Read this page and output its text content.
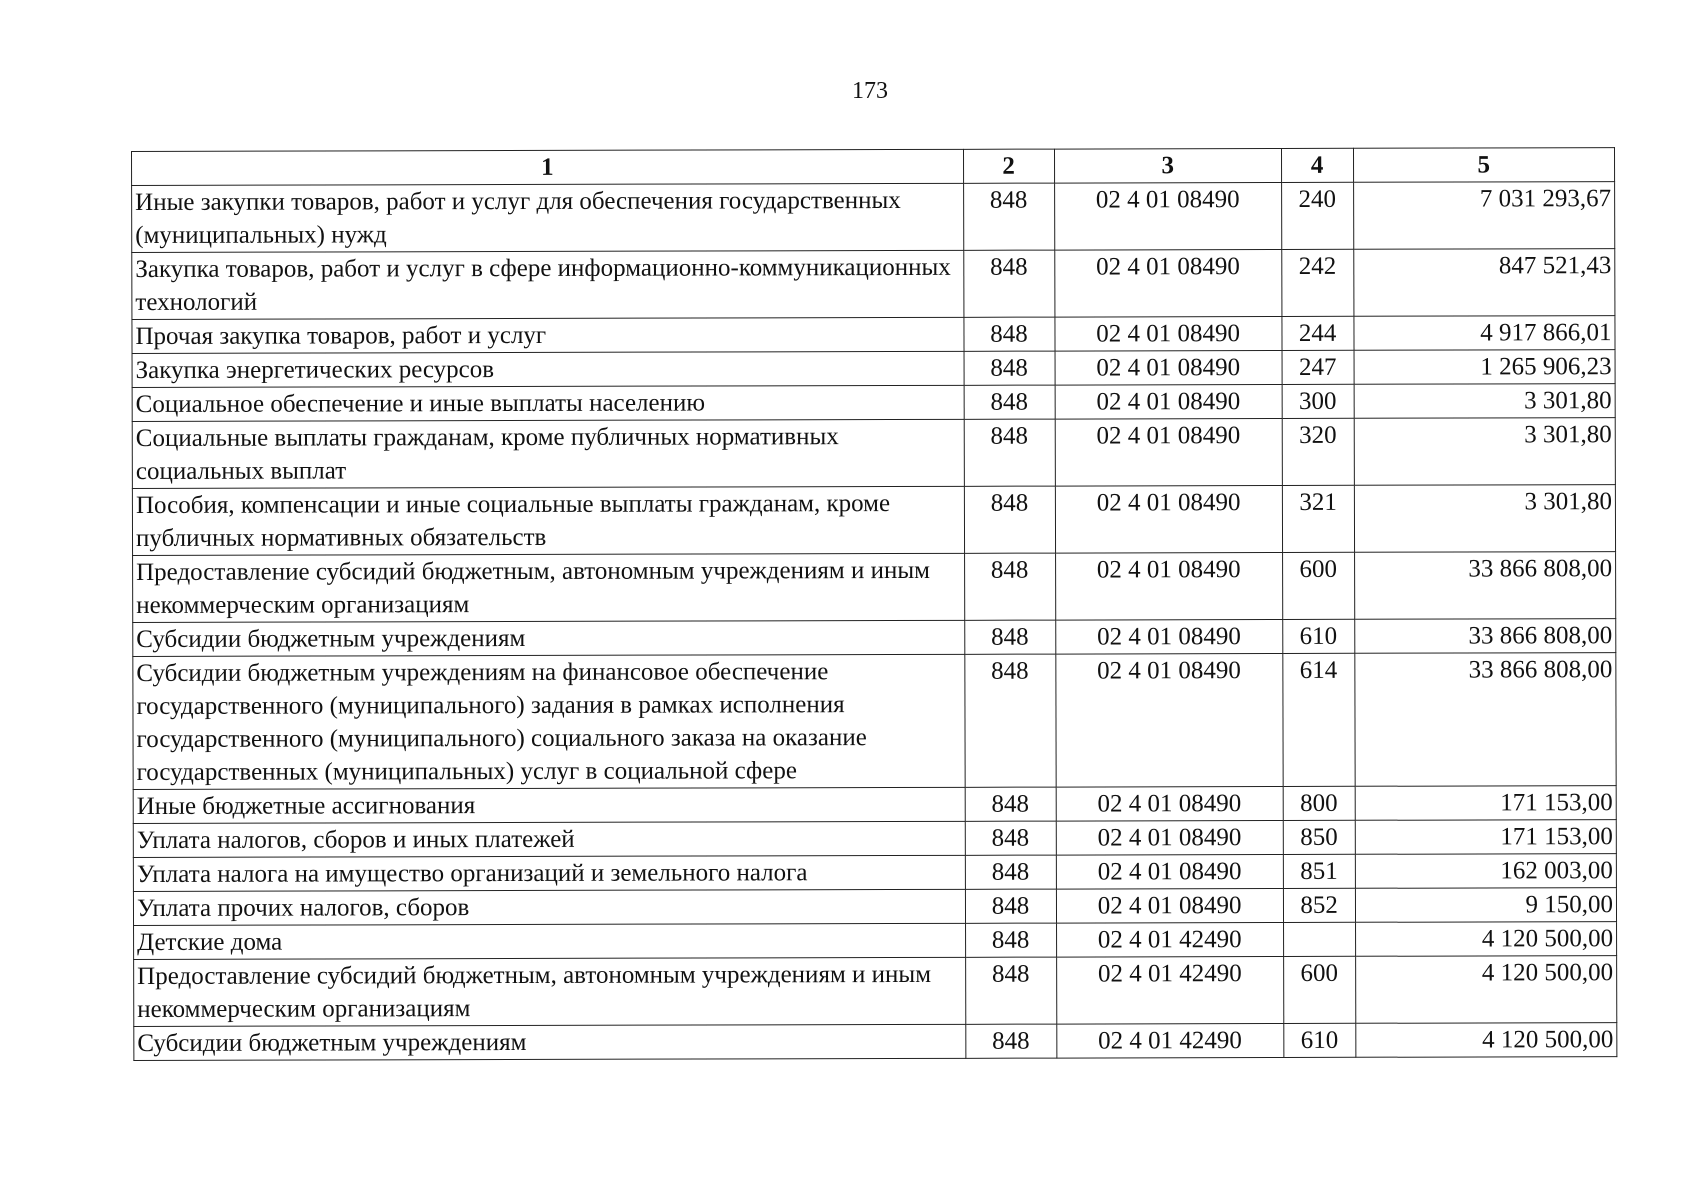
173
1	2	3	4	5
Иные закупки товаров, работ и услуг для обеспечения государственных (муниципальных) нужд	848	02 4 01 08490	240	7 031 293,67
Закупка товаров, работ и услуг в сфере информационно-коммуникационных технологий	848	02 4 01 08490	242	847 521,43
Прочая закупка товаров, работ и услуг	848	02 4 01 08490	244	4 917 866,01
Закупка энергетических ресурсов	848	02 4 01 08490	247	1 265 906,23
Социальное обеспечение и иные выплаты населению	848	02 4 01 08490	300	3 301,80
Социальные выплаты гражданам, кроме публичных нормативных социальных выплат	848	02 4 01 08490	320	3 301,80
Пособия, компенсации и иные социальные выплаты гражданам, кроме публичных нормативных обязательств	848	02 4 01 08490	321	3 301,80
Предоставление субсидий бюджетным, автономным учреждениям и иным некоммерческим организациям	848	02 4 01 08490	600	33 866 808,00
Субсидии бюджетным учреждениям	848	02 4 01 08490	610	33 866 808,00
Субсидии бюджетным учреждениям на финансовое обеспечение государственного (муниципального) задания в рамках исполнения государственного (муниципального) социального заказа на оказание государственных (муниципальных) услуг в социальной сфере	848	02 4 01 08490	614	33 866 808,00
Иные бюджетные ассигнования	848	02 4 01 08490	800	171 153,00
Уплата налогов, сборов и иных платежей	848	02 4 01 08490	850	171 153,00
Уплата налога на имущество организаций и земельного налога	848	02 4 01 08490	851	162 003,00
Уплата прочих налогов, сборов	848	02 4 01 08490	852	9 150,00
Детские дома	848	02 4 01 42490		4 120 500,00
Предоставление субсидий бюджетным, автономным учреждениям и иным некоммерческим организациям	848	02 4 01 42490	600	4 120 500,00
Субсидии бюджетным учреждениям	848	02 4 01 42490	610	4 120 500,00
